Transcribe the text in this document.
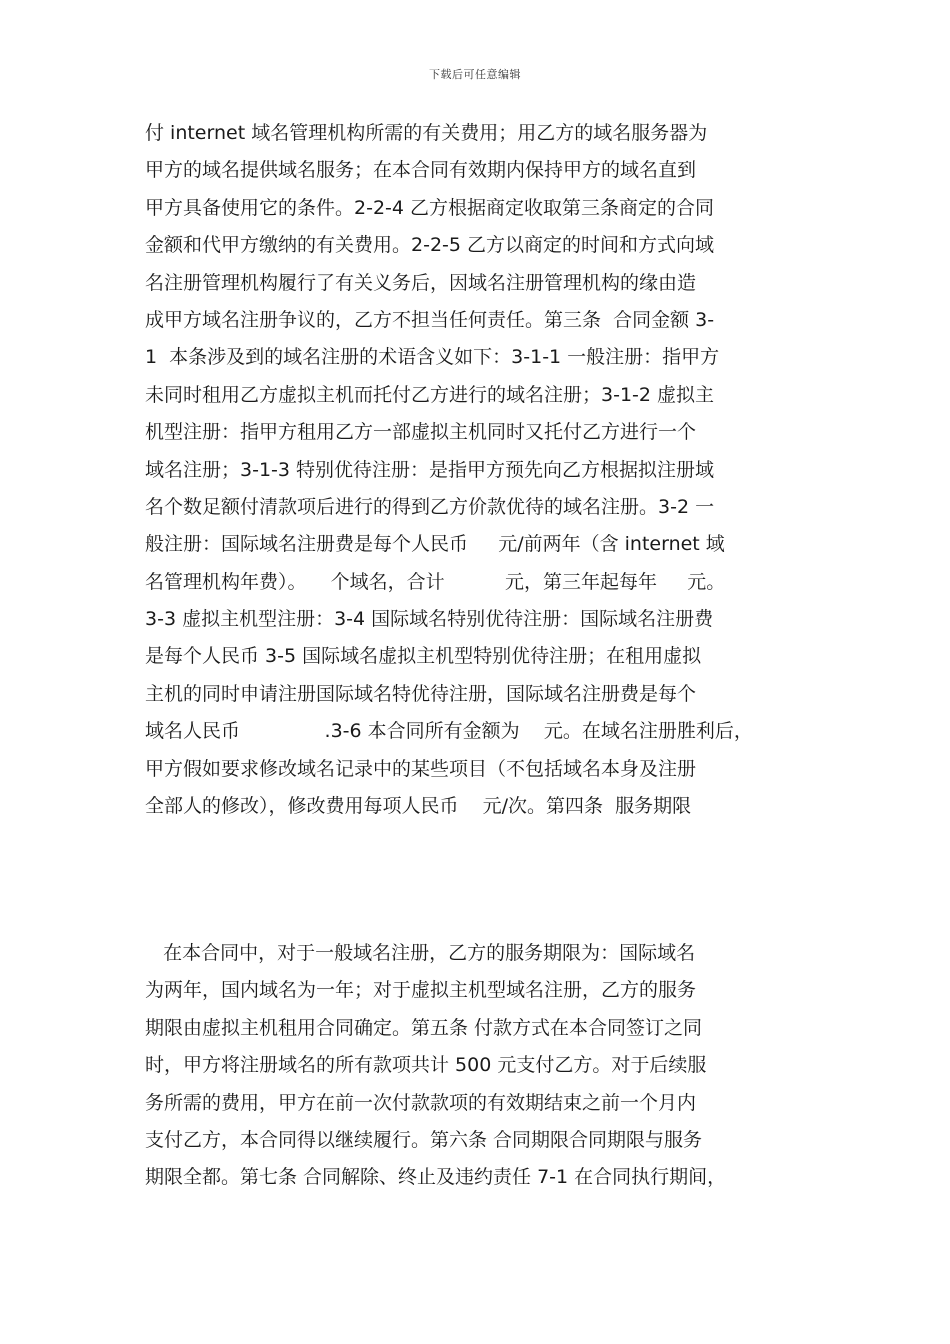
下载后可任意编辑
付 internet 域名管理机构所需的有关费用；用乙方的域名服务器为
甲方的域名提供域名服务；在本合同有效期内保持甲方的域名直到
甲方具备使用它的条件。2-2-4 乙方根据商定收取第三条商定的合同
金额和代甲方缴纳的有关费用。2-2-5 乙方以商定的时间和方式向域
名注册管理机构履行了有关义务后，因域名注册管理机构的缘由造
成甲方域名注册争议的，乙方不担当任何责任。第三条  合同金额 3-
1  本条涉及到的域名注册的术语含义如下：3-1-1 一般注册：指甲方
未同时租用乙方虚拟主机而托付乙方进行的域名注册；3-1-2 虚拟主
机型注册：指甲方租用乙方一部虚拟主机同时又托付乙方进行一个
域名注册；3-1-3 特别优待注册：是指甲方预先向乙方根据拟注册域
名个数足额付清款项后进行的得到乙方价款优待的域名注册。3-2 一
般注册：国际域名注册费是每个人民币     元/前两年（含 internet 域
名管理机构年费）。    个域名，合计          元，第三年起每年     元。
3-3 虚拟主机型注册：3-4 国际域名特别优待注册：国际域名注册费
是每个人民币 3-5 国际域名虚拟主机型特别优待注册；在租用虚拟
主机的同时申请注册国际域名特优待注册，国际域名注册费是每个
域名人民币              .3-6 本合同所有金额为    元。在域名注册胜利后，
甲方假如要求修改域名记录中的某些项目（不包括域名本身及注册
全部人的修改），修改费用每项人民币    元/次。第四条  服务期限
在本合同中，对于一般域名注册，乙方的服务期限为：国际域名
为两年，国内域名为一年；对于虚拟主机型域名注册，乙方的服务
期限由虚拟主机租用合同确定。第五条 付款方式在本合同签订之同
时，甲方将注册域名的所有款项共计 500 元支付乙方。对于后续服
务所需的费用，甲方在前一次付款款项的有效期结束之前一个月内
支付乙方，本合同得以继续履行。第六条 合同期限合同期限与服务
期限全都。第七条 合同解除、终止及违约责任 7-1 在合同执行期间，
